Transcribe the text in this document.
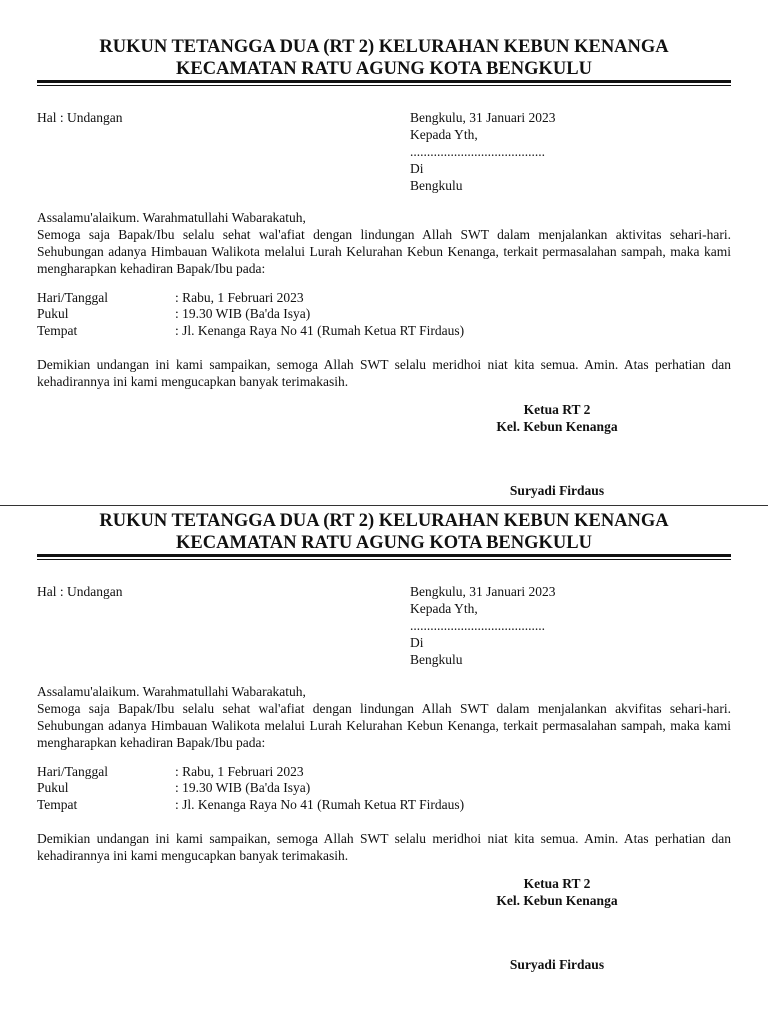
RUKUN TETANGGA DUA (RT 2) KELURAHAN KEBUN KENANGA
KECAMATAN RATU AGUNG KOTA BENGKULU
Hal : Undangan	Bengkulu, 31 Januari 2023
Kepada Yth,
........................................
Di
Bengkulu
Assalamu'alaikum. Warahmatullahi Wabarakatuh,
Semoga saja Bapak/Ibu selalu sehat wal'afiat dengan lindungan Allah SWT dalam menjalankan aktivitas sehari-hari. Sehubungan adanya Himbauan Walikota melalui Lurah Kelurahan Kebun Kenanga, terkait permasalahan sampah, maka kami mengharapkan kehadiran Bapak/Ibu pada:
Hari/Tanggal	: Rabu, 1 Februari 2023
Pukul	: 19.30 WIB (Ba'da Isya)
Tempat	: Jl. Kenanga Raya No 41 (Rumah Ketua RT Firdaus)
Demikian undangan ini kami sampaikan, semoga Allah SWT selalu meridhoi niat kita semua. Amin. Atas perhatian dan kehadirannya ini kami mengucapkan banyak terimakasih.
Ketua RT 2
Kel. Kebun Kenanga
Suryadi Firdaus
RUKUN TETANGGA DUA (RT 2) KELURAHAN KEBUN KENANGA
KECAMATAN RATU AGUNG KOTA BENGKULU
Hal : Undangan	Bengkulu, 31 Januari 2023
Kepada Yth,
........................................
Di
Bengkulu
Assalamu'alaikum. Warahmatullahi Wabarakatuh,
Semoga saja Bapak/Ibu selalu sehat wal'afiat dengan lindungan Allah SWT dalam menjalankan akvifitas sehari-hari. Sehubungan adanya Himbauan Walikota melalui Lurah Kelurahan Kebun Kenanga, terkait permasalahan sampah, maka kami mengharapkan kehadiran Bapak/Ibu pada:
Hari/Tanggal	: Rabu, 1 Februari 2023
Pukul	: 19.30 WIB (Ba'da Isya)
Tempat	: Jl. Kenanga Raya No 41 (Rumah Ketua RT Firdaus)
Demikian undangan ini kami sampaikan, semoga Allah SWT selalu meridhoi niat kita semua. Amin. Atas perhatian dan kehadirannya ini kami mengucapkan banyak terimakasih.
Ketua RT 2
Kel. Kebun Kenanga
Suryadi Firdaus
